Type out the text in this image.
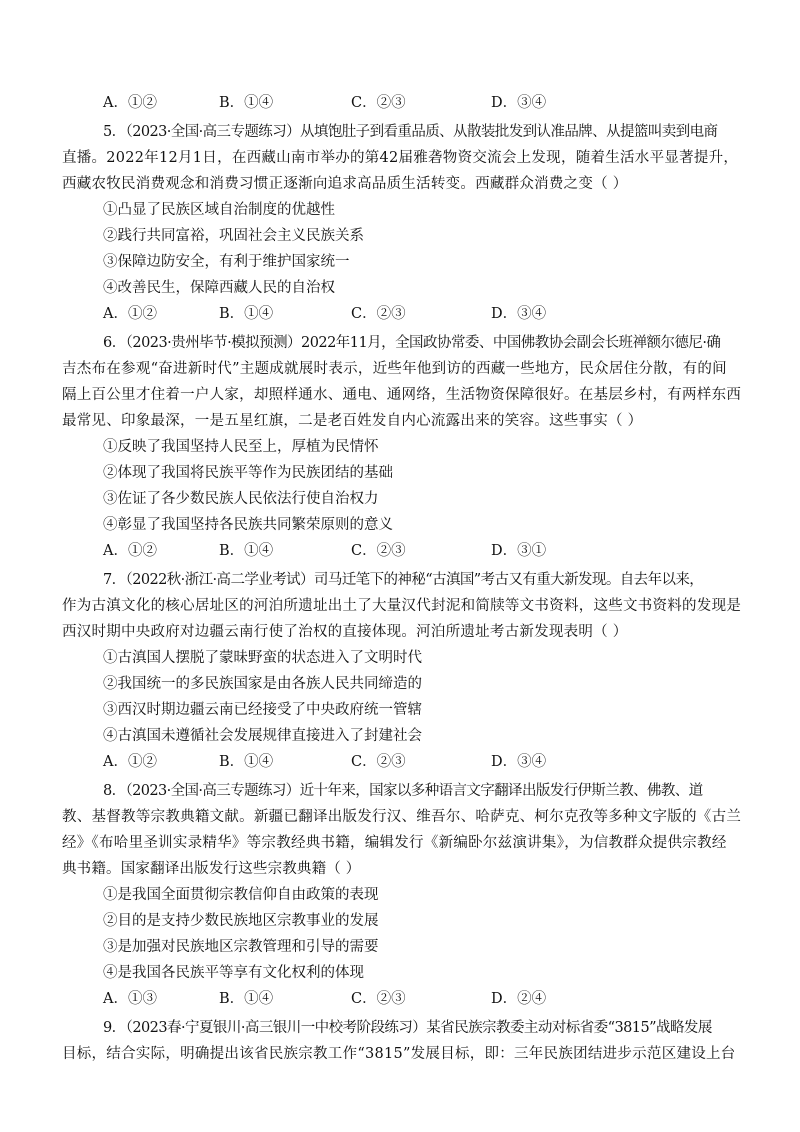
A．①②	B．①④	C．②③	D．③④
5．（2023·全国·高三专题练习）从填饱肚子到看重品质、从散装批发到认准品牌、从提篮叫卖到电商
直播。2022年12月1日，在西藏山南市举办的第42届雅砻物资交流会上发现，随着生活水平显著提升，
西藏农牧民消费观念和消费习惯正逐渐向追求高品质生活转变。西藏群众消费之变（ ）
①凸显了民族区域自治制度的优越性
②践行共同富裕，巩固社会主义民族关系
③保障边防安全，有利于维护国家统一
④改善民生，保障西藏人民的自治权
A．①②	B．①④	C．②③	D．③④
6．（2023·贵州毕节·模拟预测）2022年11月，全国政协常委、中国佛教协会副会长班禅额尔德尼·确
吉杰布在参观“奋进新时代”主题成就展时表示，近些年他到访的西藏一些地方，民众居住分散，有的间
隔上百公里才住着一户人家，却照样通水、通电、通网络，生活物资保障很好。在基层乡村，有两样东西
最常见、印象最深，一是五星红旗，二是老百姓发自内心流露出来的笑容。这些事实（ ）
①反映了我国坚持人民至上，厚植为民情怀
②体现了我国将民族平等作为民族团结的基础
③佐证了各少数民族人民依法行使自治权力
④彰显了我国坚持各民族共同繁荣原则的意义
A．①②	B．①④	C．②③	D．③①
7．（2022秋·浙江·高二学业考试）司马迁笔下的神秘“古滇国”考古又有重大新发现。自去年以来，
作为古滇文化的核心居址区的河泊所遗址出土了大量汉代封泥和简牍等文书资料，这些文书资料的发现是
西汉时期中央政府对边疆云南行使了治权的直接体现。河泊所遗址考古新发现表明（ ）
①古滇国人摆脱了蒙昧野蛮的状态进入了文明时代
②我国统一的多民族国家是由各族人民共同缔造的
③西汉时期边疆云南已经接受了中央政府统一管辖
④古滇国未遵循社会发展规律直接进入了封建社会
A．①②	B．①④	C．②③	D．③④
8．（2023·全国·高三专题练习）近十年来，国家以多种语言文字翻译出版发行伊斯兰教、佛教、道
教、基督教等宗教典籍文献。新疆已翻译出版发行汉、维吾尔、哈萨克、柯尔克孜等多种文字版的《古兰
经》《布哈里圣训实录精华》等宗教经典书籍，编辑发行《新编卧尔兹演讲集》，为信教群众提供宗教经
典书籍。国家翻译出版发行这些宗教典籍（ ）
①是我国全面贯彻宗教信仰自由政策的表现
②目的是支持少数民族地区宗教事业的发展
③是加强对民族地区宗教管理和引导的需要
④是我国各民族平等享有文化权利的体现
A．①③	B．①④	C．②③	D．②④
9．（2023春·宁夏银川·高三银川一中校考阶段练习）某省民族宗教委主动对标省委“3815”战略发展
目标，结合实际，明确提出该省民族宗教工作“3815”发展目标，即：三年民族团结进步示范区建设上台
